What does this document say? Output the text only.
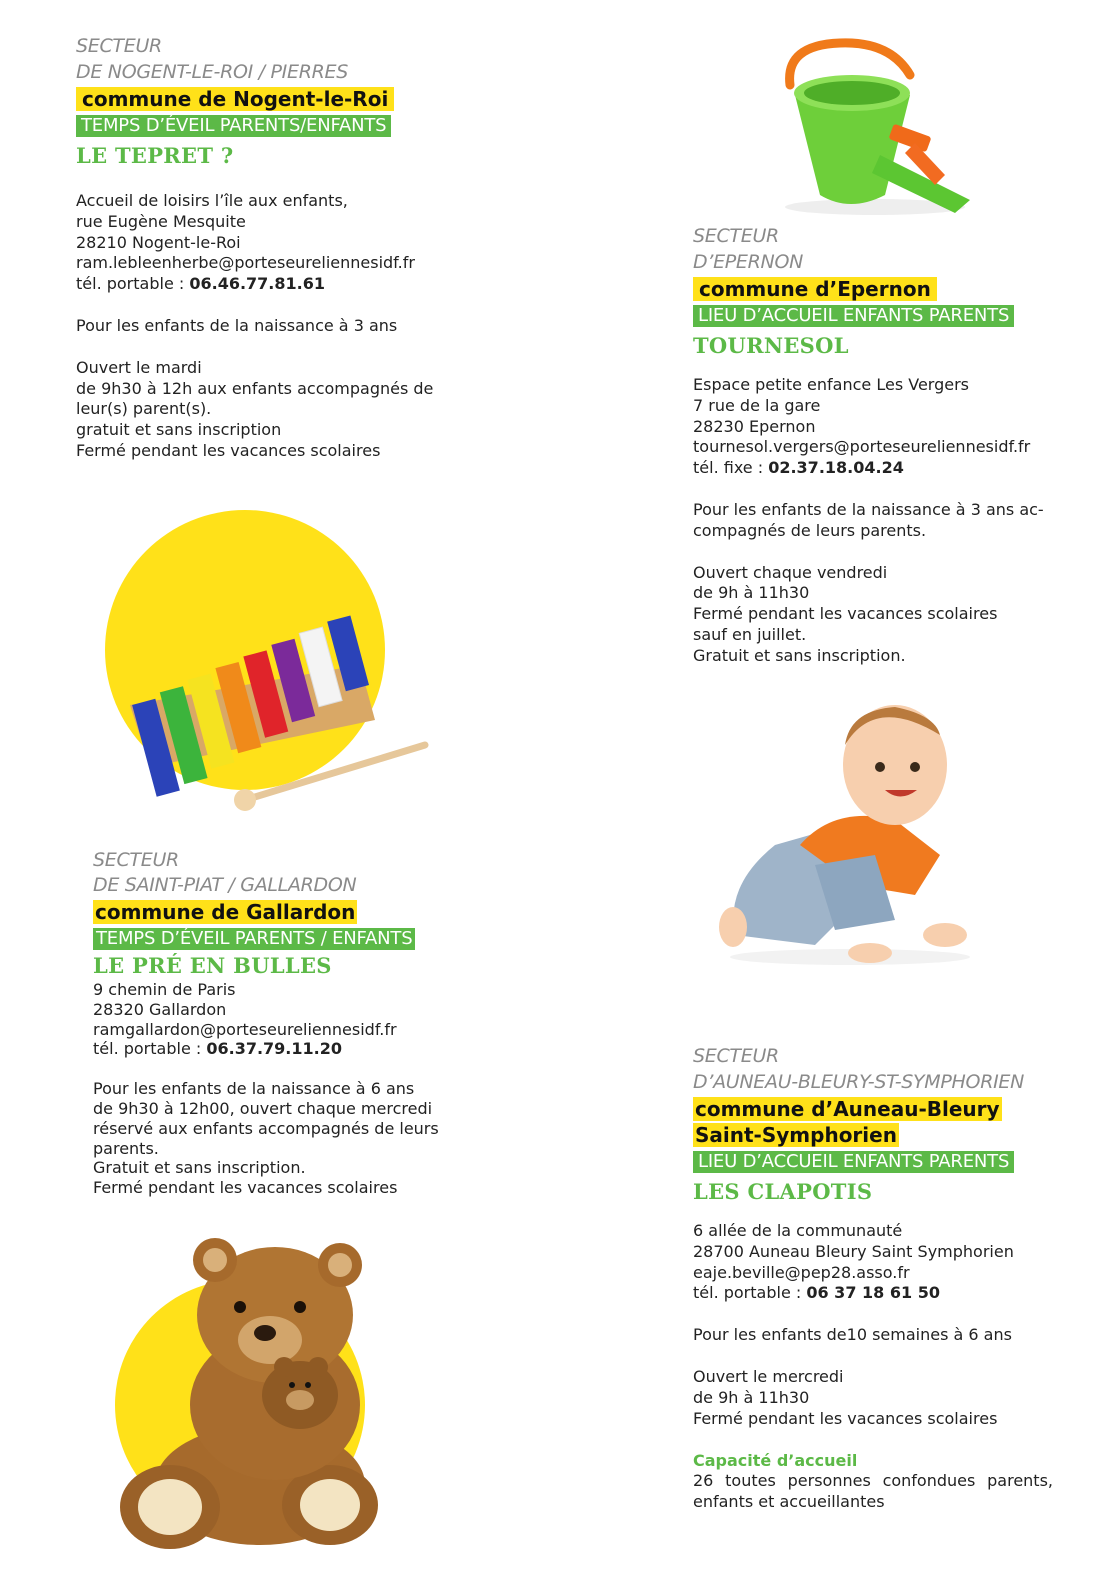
SECTEUR
DE NOGENT-LE-ROI / PIERRES
commune de Nogent-le-Roi
TEMPS D’ÉVEIL PARENTS/ENFANTS
LE TEPRET ?

Accueil de loisirs l’île aux enfants,

rue Eugène Mesquite

28210 Nogent-le-Roi

ram.lebleenherbe@porteseureliennesidf.fr

tél. portable : 06.46.77.81.61

Pour les enfants de la naissance à 3 ans

Ouvert le mardi

de 9h30 à 12h aux enfants accompagnés de

leur(s) parent(s).

gratuit et sans inscription

Fermé pendant les vacances scolaires

SECTEUR
D’EPERNON
commune d’Epernon
LIEU D’ACCUEIL ENFANTS PARENTS
TOURNESOL

Espace petite enfance Les Vergers

7 rue de la gare

28230 Epernon

tournesol.vergers@porteseureliennesidf.fr

tél. fixe : 02.37.18.04.24

Pour les enfants de la naissance à 3 ans ac-

compagnés de leurs parents.

Ouvert chaque vendredi

de 9h à 11h30

Fermé pendant les vacances scolaires

sauf en juillet.

Gratuit et sans inscription.

SECTEUR
DE SAINT-PIAT / GALLARDON
commune de Gallardon
TEMPS D’ÉVEIL PARENTS / ENFANTS
LE PRÉ EN BULLES

9 chemin de Paris

28320 Gallardon

ramgallardon@porteseureliennesidf.fr

tél. portable : 06.37.79.11.20

Pour les enfants de la naissance à 6 ans

de 9h30 à 12h00, ouvert chaque mercredi

réservé aux enfants accompagnés de leurs

parents.

Gratuit et sans inscription.

Fermé pendant les vacances scolaires

SECTEUR
D’AUNEAU-BLEURY-ST-SYMPHORIEN
commune d’Auneau-Bleury
Saint-Symphorien
LIEU D’ACCUEIL ENFANTS PARENTS
LES CLAPOTIS

6 allée de la communauté

28700 Auneau Bleury Saint Symphorien

eaje.beville@pep28.asso.fr

tél. portable : 06 37 18 61 50

Pour les enfants de10 semaines à 6 ans

Ouvert le mercredi

de 9h à 11h30

Fermé pendant les vacances scolaires

Capacité d’accueil

26 toutes personnes confondues parents,

enfants et accueillantes
